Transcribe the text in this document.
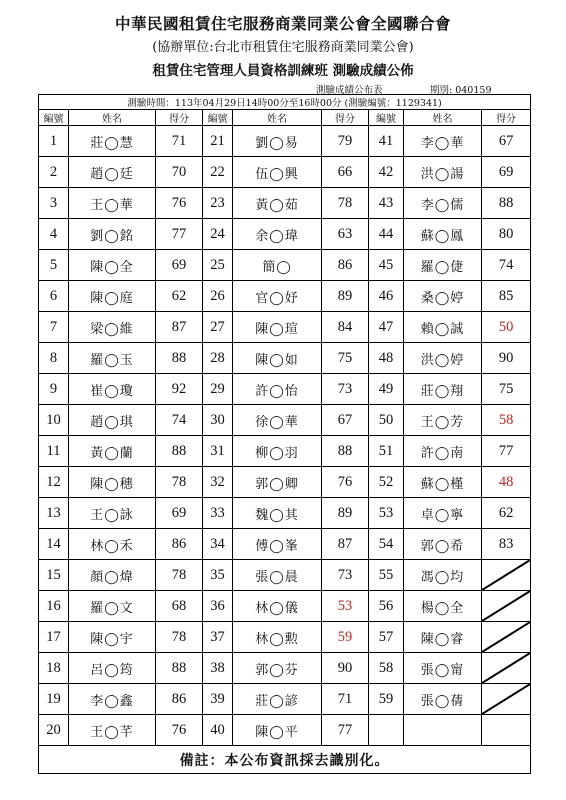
中華民國租賃住宅服務商業同業公會全國聯合會
(協辦單位:台北市租賃住宅服務商業同業公會)
租賃住宅管理人員資格訓練班 測驗成績公佈
測驗成績公布表	期別: 040159
測驗時間：113年04月29日14時00分至16時00分 (測驗編號：1129341)								
編號	姓名	得分	編號	姓名	得分	編號	姓名	得分
1	莊◯慧	71	21	劉◯易	79	41	李◯華	67
2	趙◯廷	70	22	伍◯興	66	42	洪◯諹	69
3	王◯華	76	23	黃◯茹	78	43	李◯儒	88
4	劉◯銘	77	24	余◯瑋	63	44	蘇◯鳳	80
5	陳◯全	69	25	簡◯	86	45	羅◯倢	74
6	陳◯庭	62	26	官◯妤	89	46	桑◯婷	85
7	梁◯維	87	27	陳◯瑄	84	47	賴◯誠	50
8	羅◯玉	88	28	陳◯如	75	48	洪◯婷	90
9	崔◯瓊	92	29	許◯怡	73	49	莊◯翔	75
10	趙◯琪	74	30	徐◯華	67	50	王◯芳	58
11	黃◯蘭	88	31	柳◯羽	88	51	許◯南	77
12	陳◯穗	78	32	郭◯卿	76	52	蘇◯槿	48
13	王◯詠	69	33	魏◯其	89	53	卓◯寧	62
14	林◯禾	86	34	傅◯峯	87	54	郭◯希	83
15	顏◯煒	78	35	張◯晨	73	55	馮◯均	

16	羅◯文	68	36	林◯儀	53	56	楊◯全	

17	陳◯宇	78	37	林◯勲	59	57	陳◯睿	

18	呂◯筠	88	38	郭◯芬	90	58	張◯甯	

19	李◯鑫	86	39	莊◯諺	71	59	張◯蒨	

20	王◯芊	76	40	陳◯平	77			
備註：本公布資訊採去識別化。								
